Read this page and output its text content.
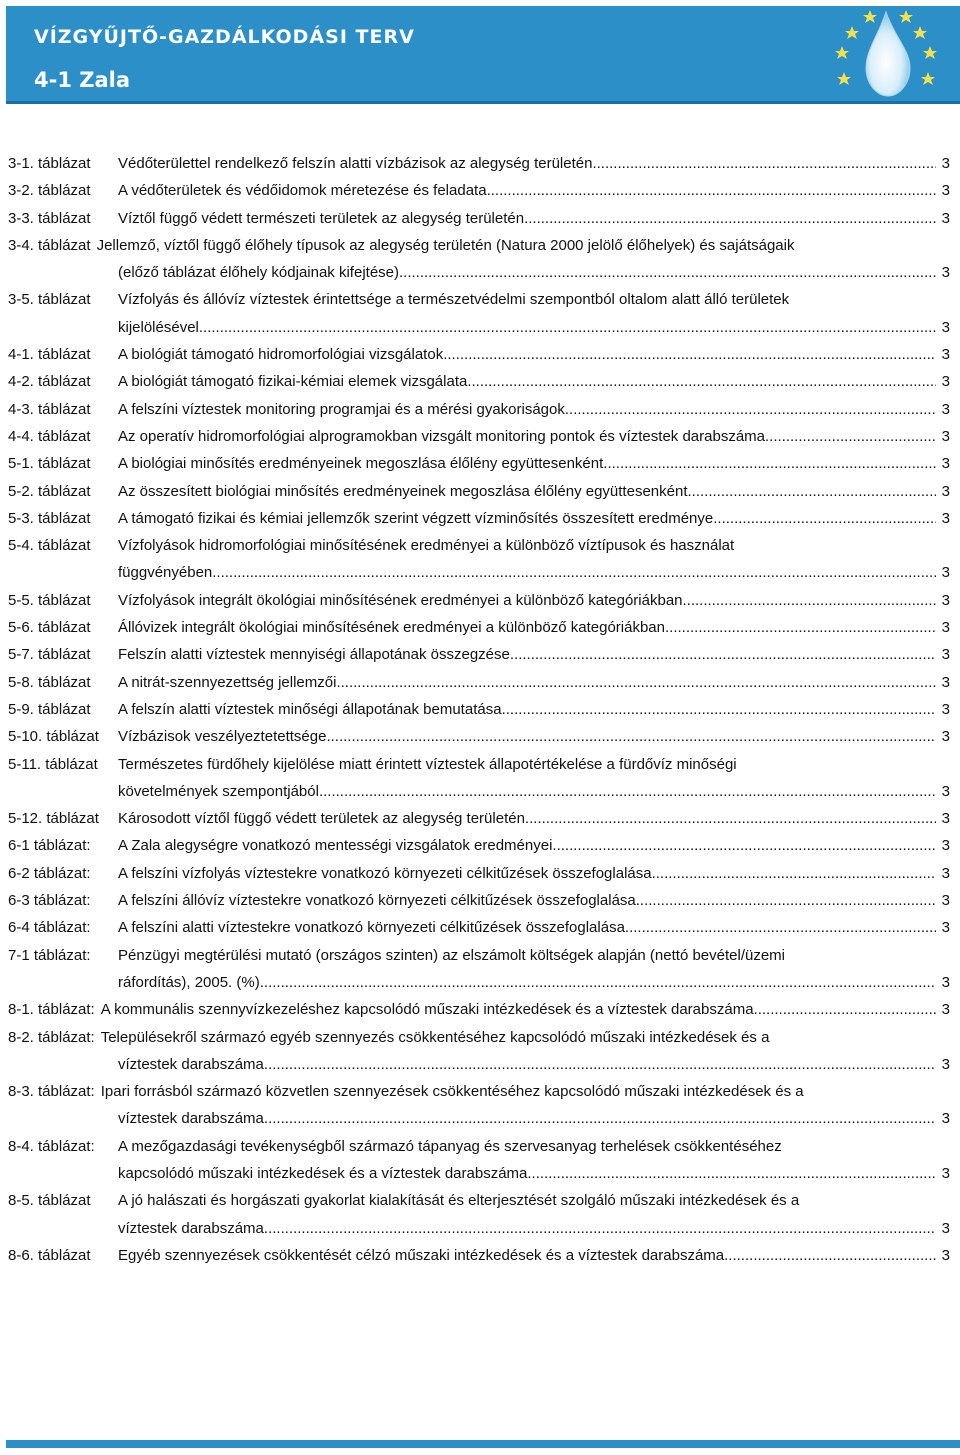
VÍZGYŰJTŐ-GAZDÁLKODÁSI TERV
4-1 Zala
3-1. táblázat	Védőterülettel rendelkező felszín alatti vízbázisok az alegység területén .....	3
3-2. táblázat	A védőterületek és védőidomok méretezése és feladata .....	3
3-3. táblázat	Víztől függő védett természeti területek az alegység területén .....	3
3-4. táblázat Jellemző, víztől függő élőhely típusok az alegység területén (Natura 2000 jelölő élőhelyek) és sajátságaik
(előző táblázat élőhely kódjainak kifejtése) .....	3
3-5. táblázat	Vízfolyás és állóvíz víztestek érintettsége a természetvédelmi szempontból oltalom alatt álló területek
kijelölésével .....	3
4-1. táblázat	A biológiát támogató hidromorfológiai vizsgálatok .....	3
4-2. táblázat	A biológiát támogató fizikai-kémiai elemek vizsgálata .....	3
4-3. táblázat	A felszíni víztestek monitoring programjai és a mérési gyakoriságok .....	3
4-4. táblázat	Az operatív hidromorfológiai alprogramokban vizsgált monitoring pontok és víztestek darabszáma .....	3
5-1. táblázat	A biológiai minősítés eredményeinek megoszlása élőlény együttesenként .....	3
5-2. táblázat	Az összesített biológiai minősítés eredményeinek megoszlása élőlény együttesenként .....	3
5-3. táblázat	A támogató fizikai és kémiai jellemzők szerint végzett vízminősítés összesített eredménye .....	3
5-4. táblázat	Vízfolyások hidromorfológiai minősítésének eredményei a különböző víztípusok és használat
függvényében .....	3
5-5. táblázat	Vízfolyások integrált ökológiai minősítésének eredményei a különböző kategóriákban .....	3
5-6. táblázat	Állóvizek integrált ökológiai minősítésének eredményei a különböző kategóriákban .....	3
5-7. táblázat	Felszín alatti víztestek mennyiségi állapotának összegzése .....	3
5-8. táblázat	A nitrát-szennyezettség jellemzői .....	3
5-9. táblázat	A felszín alatti víztestek minőségi állapotának bemutatása .....	3
5-10. táblázat	Vízbázisok veszélyeztetettsége .....	3
5-11. táblázat	Természetes fürdőhely kijelölése miatt érintett víztestek állapotértékelése a fürdővíz minőségi
követelmények szempontjából .....	3
5-12. táblázat	Károsodott víztől függő védett területek az alegység területén .....	3
6-1 táblázat:	A Zala alegységre vonatkozó mentességi vizsgálatok eredményei .....	3
6-2 táblázat:	A felszíni vízfolyás víztestekre vonatkozó környezeti célkitűzések összefoglalása .....	3
6-3 táblázat:	A felszíni állóvíz víztestekre vonatkozó környezeti célkitűzések összefoglalása .....	3
6-4 táblázat:	A felszíni alatti víztestekre vonatkozó környezeti célkitűzések összefoglalása .....	3
7-1 táblázat:	Pénzügyi megtérülési mutató (országos szinten) az elszámolt költségek alapján (nettó bevétel/üzemi
ráfordítás), 2005. (%) .....	3
8-1. táblázat: A kommunális szennyvízkezeléshez kapcsolódó műszaki intézkedések és a víztestek darabszáma .....	3
8-2. táblázat: Településekről származó egyéb szennyezés csökkentéséhez kapcsolódó műszaki intézkedések és a
víztestek darabszáma .....	3
8-3. táblázat: Ipari forrásból származó közvetlen szennyezések csökkentéséhez kapcsolódó műszaki intézkedések és a
víztestek darabszáma .....	3
8-4. táblázat:	A mezőgazdasági tevékenységből származó tápanyag és szervesanyag terhelések csökkentéséhez
kapcsolódó műszaki intézkedések és a víztestek darabszáma .....	3
8-5. táblázat	A jó halászati és horgászati gyakorlat kialakítását és elterjesztését szolgáló műszaki intézkedések és a
víztestek darabszáma .....	3
8-6. táblázat	Egyéb szennyezések csökkentését célzó műszaki intézkedések és a víztestek darabszáma .....	3
